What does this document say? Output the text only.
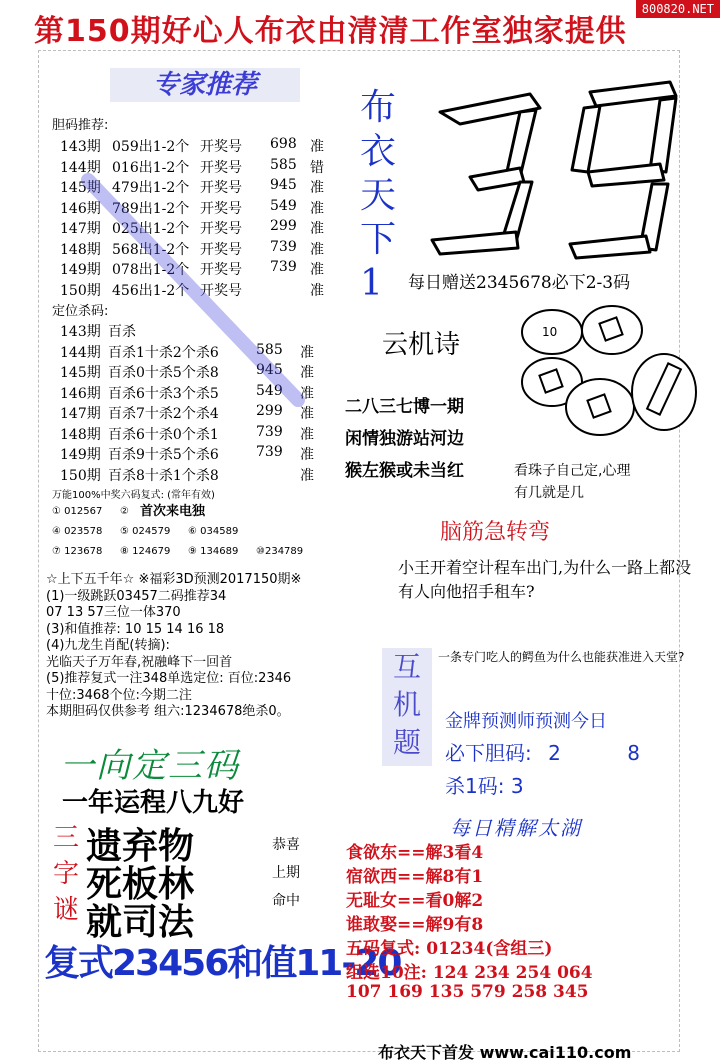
第150期好心人布衣由清清工作室独家提供
800820.NET
专家推荐
胆码推荐:
143期 059出1-2个 开奖号 698 准
144期 016出1-2个 开奖号 585 错
145期 479出1-2个 开奖号 945 准
146期 789出1-2个 开奖号 549 准
147期 025出1-2个 开奖号 299 准
148期 568出1-2个 开奖号 739 准
149期 078出1-2个 开奖号 739 准
150期 456出1-2个 开奖号	准
定位杀码:
143期 百杀
144期 百杀1十杀2个杀6	585 准
145期 百杀0十杀5个杀8	945 准
146期 百杀6十杀3个杀5	549 准
147期 百杀7十杀2个杀4	299 准
148期 百杀6十杀0个杀1	739 准
149期 百杀9十杀5个杀6	739 准
150期 百杀8十杀1个杀8	准
布
衣
天
下
1	每日赠送2345678必下2-3码
云机诗
二八三七博一期
闲情独游站河边
猴左猴或未当红
10
看珠子自己定,心理
有几就是几
万能100%中奖六码复式: (常年有效)
首次来电独
① 012567 ②
④ 023578 ⑤ 024579 ⑥ 034589
⑦ 123678 ⑧ 124679 ⑨ 134689 ⑩234789
脑筋急转弯
小王开着空计程车出门,为什么一路上都没有人向他招手租车?
互
机
题
一条专门吃人的鳄鱼为什么也能获准进入天堂?
金牌预测师预测今日
必下胆码: 2	8
杀1码: 3
每日精解太湖
☆上下五千年☆ ※福彩3D预测2017150期※
(1)一级跳跃03457二码推荐34
07 13 57三位一体370
(3)和值推荐: 10 15 14 16 18
(4)九龙生肖配(转摘):
光临天子万年春,祝融峰下一回首
(5)推荐复式一注348单选定位: 百位:2346
十位:3468个位:今期二注
本期胆码仅供参考 组六:1234678绝杀0。
一向定三码
一年运程八九好
三
字
谜
遗弃物
死板林
就司法
恭喜
上期
命中
复式23456和值11-20
食欲东==解3看4
宿欲西==解8有1
无耻女==看0解2
谁敢娶==解9有8
五码复式: 01234(含组三)
组选10注: 124 234 254 064
107 169 135 579 258 345
布衣天下首发 www.cai110.com
